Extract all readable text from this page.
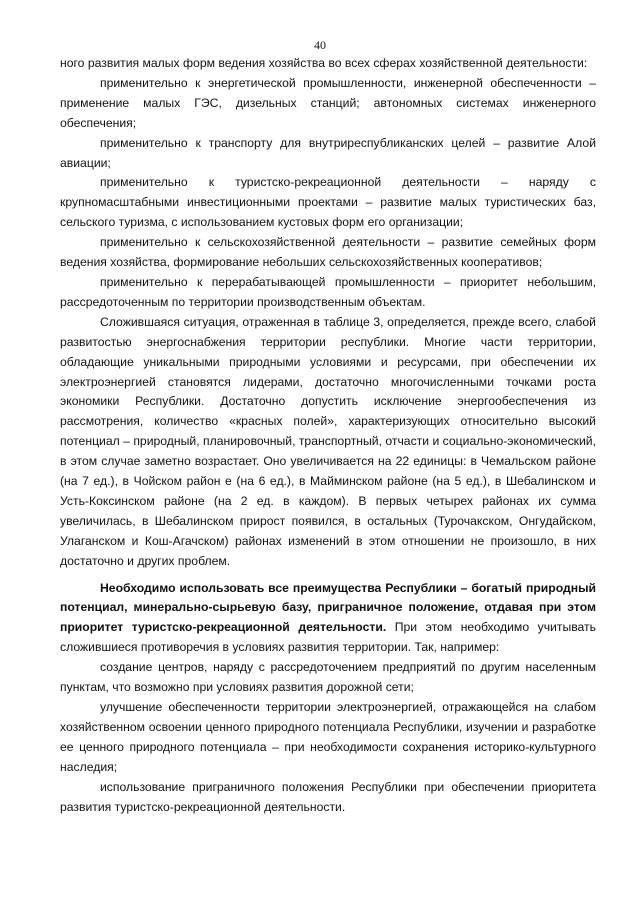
40

ного развития малых форм ведения хозяйства во всех сферах хозяйственной деятельности:

применительно к энергетической промышленности, инженерной обеспеченности – применение малых ГЭС, дизельных станций; автономных системах инженерного обеспечения;

применительно к транспорту для внутриреспубликанских целей – развитие Алой авиации;

применительно к туристско-рекреационной деятельности – наряду с крупномасштабными инвестиционными проектами – развитие малых туристических баз, сельского туризма, с использованием кустовых форм его организации;

применительно к сельскохозяйственной деятельности – развитие семейных форм ведения хозяйства, формирование небольших сельскохозяйственных кооперативов;

применительно к перерабатывающей промышленности – приоритет небольшим, рассредоточенным по территории производственным объектам.

Сложившаяся ситуация, отраженная в таблице 3, определяется, прежде всего, слабой развитостью энергоснабжения территории республики. Многие части территории, обладающие уникальными природными условиями и ресурсами, при обеспечении их электроэнергией становятся лидерами, достаточно многочисленными точками роста экономики Республики. Достаточно допустить исключение энергообеспечения из рассмотрения, количество «красных полей», характеризующих относительно высокий потенциал – природный, планировочный, транспортный, отчасти и социально-экономический, в этом случае заметно возрастает. Оно увеличивается на 22 единицы: в Чемальском районе (на 7 ед.), в Чойском район е (на 6 ед.), в Майминском районе (на 5 ед.), в Шебалинском и Усть-Коксинском районе (на 2 ед. в каждом). В первых четырех районах их сумма увеличилась, в Шебалинском прирост появился, в остальных (Турочакском, Онгудайском, Улаганском и Кош-Агачском) районах изменений в этом отношении не произошло, в них достаточно и других проблем.

Необходимо использовать все преимущества Республики – богатый природный потенциал, минерально-сырьевую базу, приграничное положение, отдавая при этом приоритет туристско-рекреационной деятельности. При этом необходимо учитывать сложившиеся противоречия в условиях развития территории. Так, например:

создание центров, наряду с рассредоточением предприятий по другим населенным пунктам, что возможно при условиях развития дорожной сети;

улучшение обеспеченности территории электроэнергией, отражающейся на слабом хозяйственном освоении ценного природного потенциала Республики, изучении и разработке ее ценного природного потенциала – при необходимости сохранения историко-культурного наследия;

использование приграничного положения Республики при обеспечении приоритета развития туристско-рекреационной деятельности.
